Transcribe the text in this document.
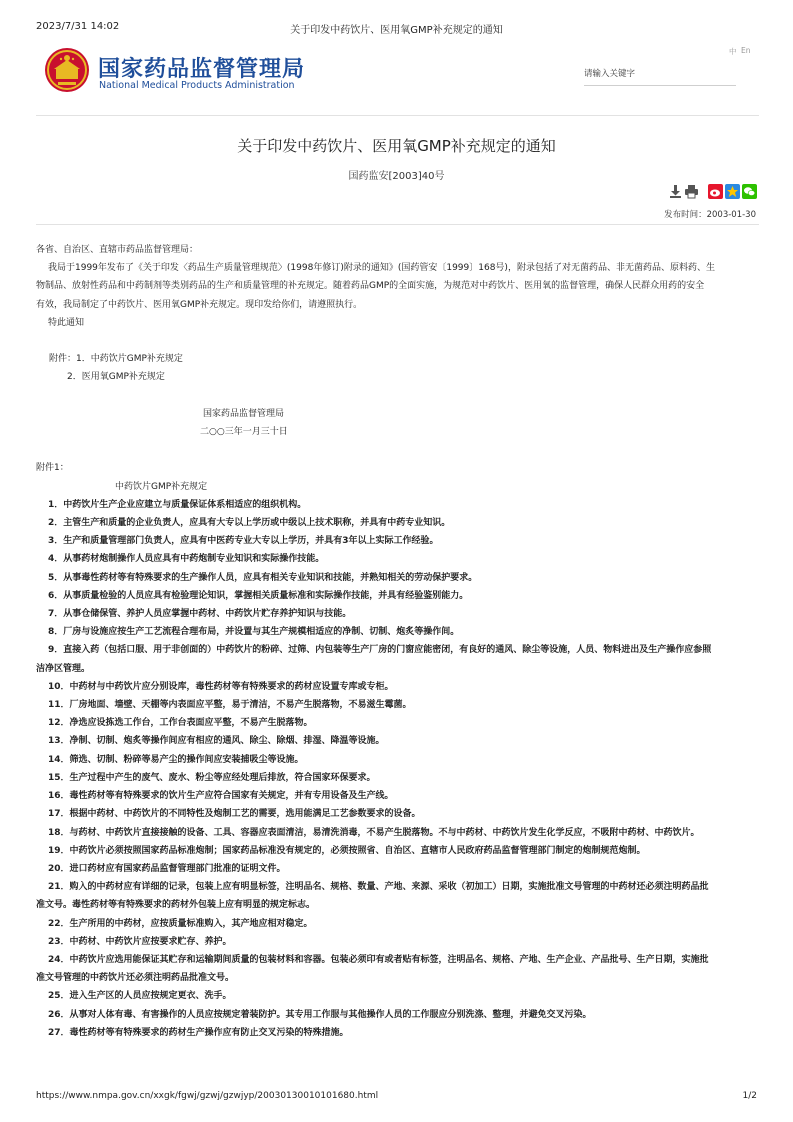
2023/7/31 14:02	关于印发中药饮片、医用氧GMP补充规定的通知
国家药品监督管理局
National Medical Products Administration
中 En
请输入关键字
关于印发中药饮片、医用氧GMP补充规定的通知
国药监安[2003]40号
发布时间：2003-01-30

各省、自治区、直辖市药品监督管理局：

我局于1999年发布了《关于印发〈药品生产质量管理规范〉(1998年修订)附录的通知》(国药管安〔1999〕168号)，附录包括了对无菌药品、非无菌药品、原料药、生

物制品、放射性药品和中药制剂等类别药品的生产和质量管理的补充规定。随着药品GMP的全面实施，为规范对中药饮片、医用氧的监督管理，确保人民群众用药的安全

有效，我局制定了中药饮片、医用氧GMP补充规定。现印发给你们，请遵照执行。

特此通知

附件：1．中药饮片GMP补充规定

2．医用氧GMP补充规定

国家药品监督管理局

二○○三年一月三十日

附件1：

中药饮片GMP补充规定

1．中药饮片生产企业应建立与质量保证体系相适应的组织机构。

2．主管生产和质量的企业负责人，应具有大专以上学历或中级以上技术职称，并具有中药专业知识。

3．生产和质量管理部门负责人，应具有中医药专业大专以上学历，并具有3年以上实际工作经验。

4．从事药材炮制操作人员应具有中药炮制专业知识和实际操作技能。

5．从事毒性药材等有特殊要求的生产操作人员，应具有相关专业知识和技能，并熟知相关的劳动保护要求。

6．从事质量检验的人员应具有检验理论知识，掌握相关质量标准和实际操作技能，并具有经验鉴别能力。

7．从事仓储保管、养护人员应掌握中药材、中药饮片贮存养护知识与技能。

8．厂房与设施应按生产工艺流程合理布局，并设置与其生产规模相适应的净制、切制、炮炙等操作间。

9．直接入药（包括口服、用于非创面的）中药饮片的粉碎、过筛、内包装等生产厂房的门窗应能密闭，有良好的通风、除尘等设施，人员、物料进出及生产操作应参照

洁净区管理。

10．中药材与中药饮片应分别设库，毒性药材等有特殊要求的药材应设置专库或专柜。

11．厂房地面、墙壁、天棚等内表面应平整，易于清洁，不易产生脱落物，不易滋生霉菌。

12．净选应设拣选工作台，工作台表面应平整，不易产生脱落物。

13．净制、切制、炮炙等操作间应有相应的通风、除尘、除烟、排湿、降温等设施。

14．筛选、切制、粉碎等易产尘的操作间应安装捕吸尘等设施。

15．生产过程中产生的废气、废水、粉尘等应经处理后排放，符合国家环保要求。

16．毒性药材等有特殊要求的饮片生产应符合国家有关规定，并有专用设备及生产线。

17．根据中药材、中药饮片的不同特性及炮制工艺的需要，选用能满足工艺参数要求的设备。

18．与药材、中药饮片直接接触的设备、工具、容器应表面清洁，易清洗消毒，不易产生脱落物。不与中药材、中药饮片发生化学反应，不吸附中药材、中药饮片。

19．中药饮片必须按照国家药品标准炮制；国家药品标准没有规定的，必须按照省、自治区、直辖市人民政府药品监督管理部门制定的炮制规范炮制。

20．进口药材应有国家药品监督管理部门批准的证明文件。

21．购入的中药材应有详细的记录，包装上应有明显标签，注明品名、规格、数量、产地、来源、采收（初加工）日期，实施批准文号管理的中药材还必须注明药品批

准文号。毒性药材等有特殊要求的药材外包装上应有明显的规定标志。

22．生产所用的中药材，应按质量标准购入，其产地应相对稳定。

23．中药材、中药饮片应按要求贮存、养护。

24．中药饮片应选用能保证其贮存和运输期间质量的包装材料和容器。包装必须印有或者贴有标签，注明品名、规格、产地、生产企业、产品批号、生产日期，实施批

准文号管理的中药饮片还必须注明药品批准文号。

25．进入生产区的人员应按规定更衣、洗手。

26．从事对人体有毒、有害操作的人员应按规定着装防护。其专用工作服与其他操作人员的工作服应分别洗涤、整理，并避免交叉污染。

27．毒性药材等有特殊要求的药材生产操作应有防止交叉污染的特殊措施。

https://www.nmpa.gov.cn/xxgk/fgwj/gzwj/gzwjyp/20030130010101680.html	1/2
